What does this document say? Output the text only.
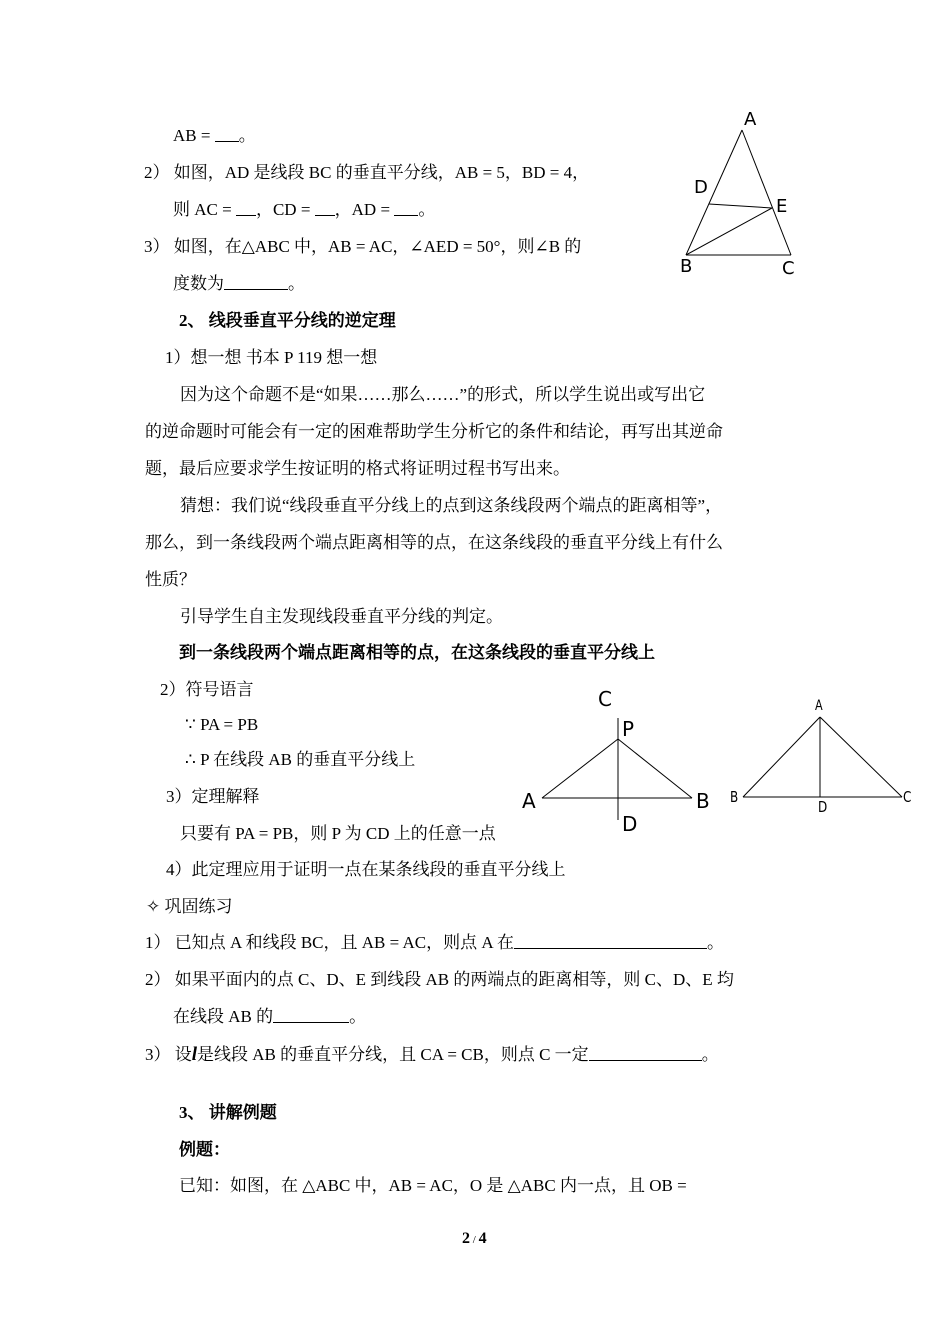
AB = 。
2） 如图，AD 是线段 BC 的垂直平分线，AB = 5，BD = 4，
则 AC = ，CD = ，AD = 。
3） 如图，在△ABC 中，AB = AC，∠AED = 50°，则∠B 的
度数为	。
2、 线段垂直平分线的逆定理
1）想一想 书本 P 119 想一想
因为这个命题不是“如果……那么……”的形式，所以学生说出或写出它
的逆命题时可能会有一定的困难帮助学生分析它的条件和结论，再写出其逆命
题，最后应要求学生按证明的格式将证明过程书写出来。
猜想：我们说“线段垂直平分线上的点到这条线段两个端点的距离相等”，
那么，到一条线段两个端点距离相等的点，在这条线段的垂直平分线上有什么
性质？
引导学生自主发现线段垂直平分线的判定。
到一条线段两个端点距离相等的点，在这条线段的垂直平分线上
2）符号语言
∵ PA = PB
∴ P 在线段 AB 的垂直平分线上
3）定理解释
只要有 PA = PB，则 P 为 CD 上的任意一点
4）此定理应用于证明一点在某条线段的垂直平分线上
✧ 巩固练习
1） 已知点 A 和线段 BC，且 AB = AC，则点 A 在	。
2） 如果平面内的点 C、D、E 到线段 AB 的两端点的距离相等，则 C、D、E 均
在线段 AB 的	。
3） 设l是线段 AB 的垂直平分线，且 CA = CB，则点 C 一定	。
3、 讲解例题
例题：
已知：如图，在 △ABC 中，AB = AC，O 是 △ABC 内一点，且 OB =
2 / 4
A
D
E
B	C
C
P
A	B
D
A
B	C
D
